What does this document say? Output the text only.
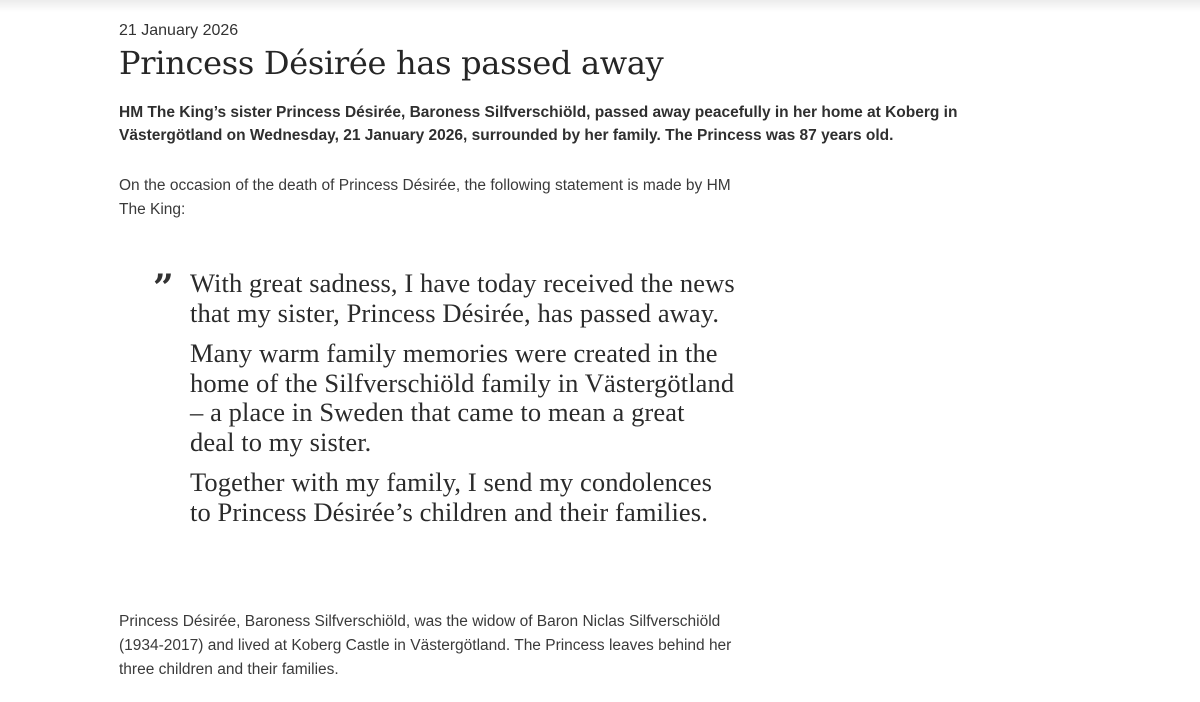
21 January 2026
Princess Désirée has passed away

HM The King’s sister Princess Désirée, Baroness Silfverschiöld, passed away peacefully in her home at Koberg in Västergötland on Wednesday, 21 January 2026, surrounded by her family. The Princess was 87 years old.

On the occasion of the death of Princess Désirée, the following statement is made by HM The King:

” With great sadness, I have today received the news that my sister, Princess Désirée, has passed away.

Many warm family memories were created in the home of the Silfverschiöld family in Västergötland – a place in Sweden that came to mean a great deal to my sister.

Together with my family, I send my condolences to Princess Désirée’s children and their families.

Princess Désirée, Baroness Silfverschiöld, was the widow of Baron Niclas Silfverschiöld (1934-2017) and lived at Koberg Castle in Västergötland. The Princess leaves behind her three children and their families.
